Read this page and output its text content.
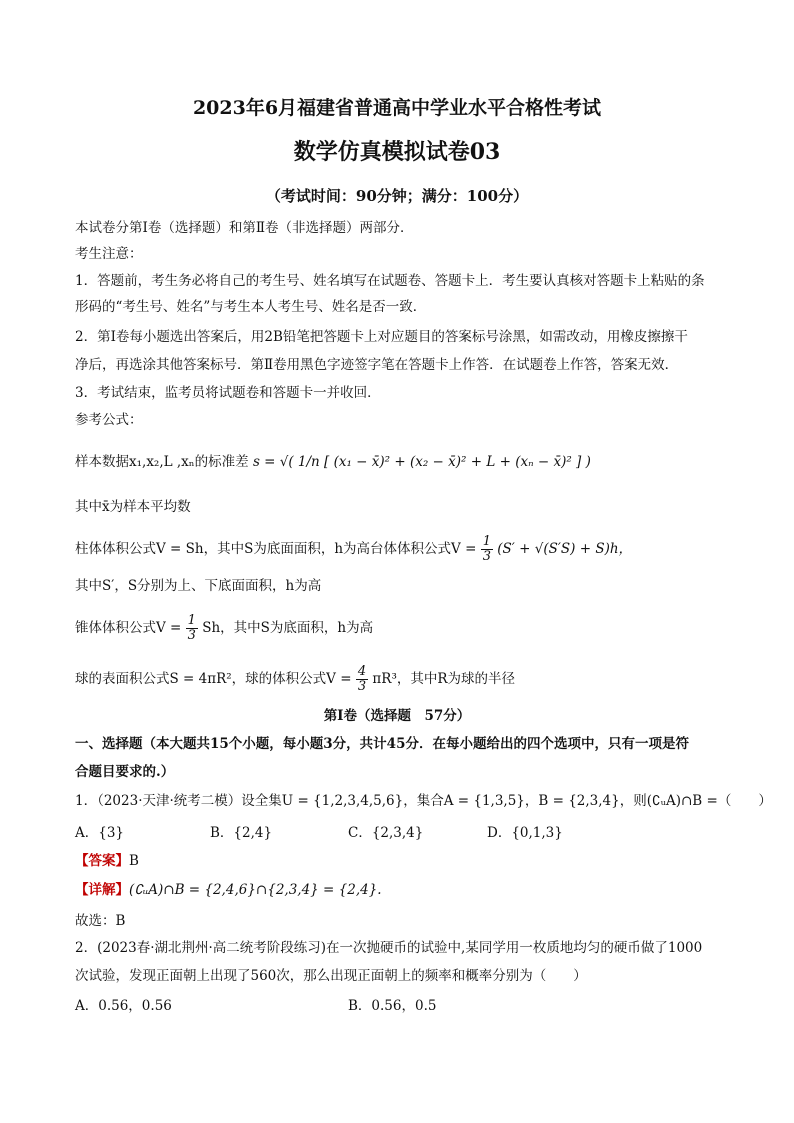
2023年6月福建省普通高中学业水平合格性考试
数学仿真模拟试卷03
（考试时间：90分钟；满分：100分）
本试卷分第Ⅰ卷（选择题）和第Ⅱ卷（非选择题）两部分．
考生注意：
1．答题前，考生务必将自己的考生号、姓名填写在试题卷、答题卡上．考生要认真核对答题卡上粘贴的条
形码的“考生号、姓名”与考生本人考生号、姓名是否一致．
2．第Ⅰ卷每小题选出答案后，用2B铅笔把答题卡上对应题目的答案标号涂黑，如需改动，用橡皮擦擦干
净后，再选涂其他答案标号．第Ⅱ卷用黑色字迹签字笔在答题卡上作答．在试题卷上作答，答案无效．
3．考试结束，监考员将试题卷和答题卡一并收回．
参考公式：
样本数据x₁,x₂,L ,xₙ的标准差 s = √( 1/n [ (x₁ − x̄)² + (x₂ − x̄)² + L + (xₙ − x̄)² ] )
其中x̄为样本平均数
柱体体积公式V = Sh，其中S为底面面积，h为高台体体积公式$V = \frac{1}{3} (S' + √(S'S) + S)h$，
其中S′，S分别为上、下底面面积，h为高
锥体体积公式$V = \frac{1}{3}$ Sh，其中S为底面积，h为高
球的表面积公式S = 4πR²，球的体积公式$V = \frac{4}{3} \pi R^3$，其中R为球的半径
第Ⅰ卷（选择题　57分）
一、选择题（本大题共15个小题，每小题3分，共计45分．在每小题给出的四个选项中，只有一项是符
合题目要求的.）
1．（2023·天津·统考二模）设全集U = {1,2,3,4,5,6}，集合A = {1,3,5}，B = {2,3,4}，则(∁ᵤA)∩B =（　　）
A．{3}	B．{2,4}	C．{2,3,4}	D．{0,1,3}
【答案】B
【详解】(∁ᵤA)∩B = {2,4,6}∩{2,3,4} = {2,4}.
故选：B
2．(2023春·湖北荆州·高二统考阶段练习)在一次抛硬币的试验中,某同学用一枚质地均匀的硬币做了1000
次试验，发现正面朝上出现了560次，那么出现正面朝上的频率和概率分别为（　　）
A．0.56，0.56	B．0.56，0.5
